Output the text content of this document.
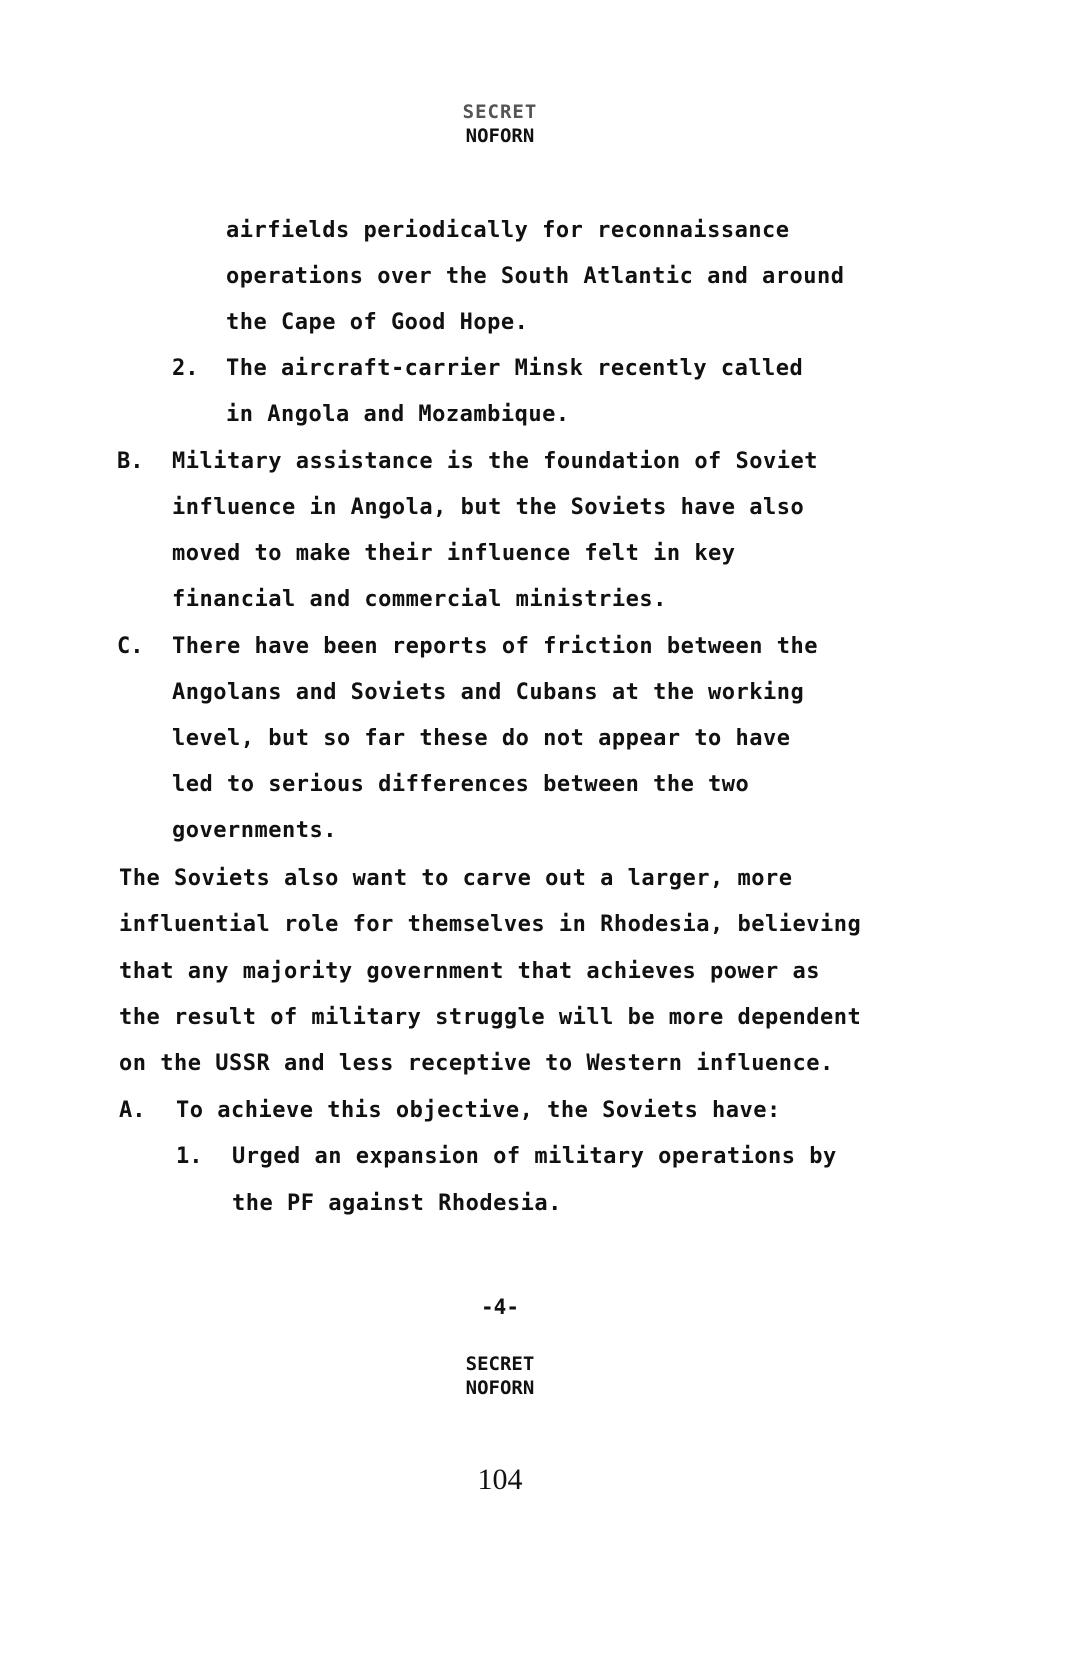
SECRET
NOFORN
airfields periodically for reconnaissance
operations over the South Atlantic and around
the Cape of Good Hope.
2. The aircraft-carrier Minsk recently called
in Angola and Mozambique.
B. Military assistance is the foundation of Soviet
influence in Angola, but the Soviets have also
moved to make their influence felt in key
financial and commercial ministries.
C. There have been reports of friction between the
Angolans and Soviets and Cubans at the working
level, but so far these do not appear to have
led to serious differences between the two
governments.
The Soviets also want to carve out a larger, more
influential role for themselves in Rhodesia, believing
that any majority government that achieves power as
the result of military struggle will be more dependent
on the USSR and less receptive to Western influence.
A. To achieve this objective, the Soviets have:
1. Urged an expansion of military operations by
the PF against Rhodesia.
-4-
SECRET
NOFORN
104
